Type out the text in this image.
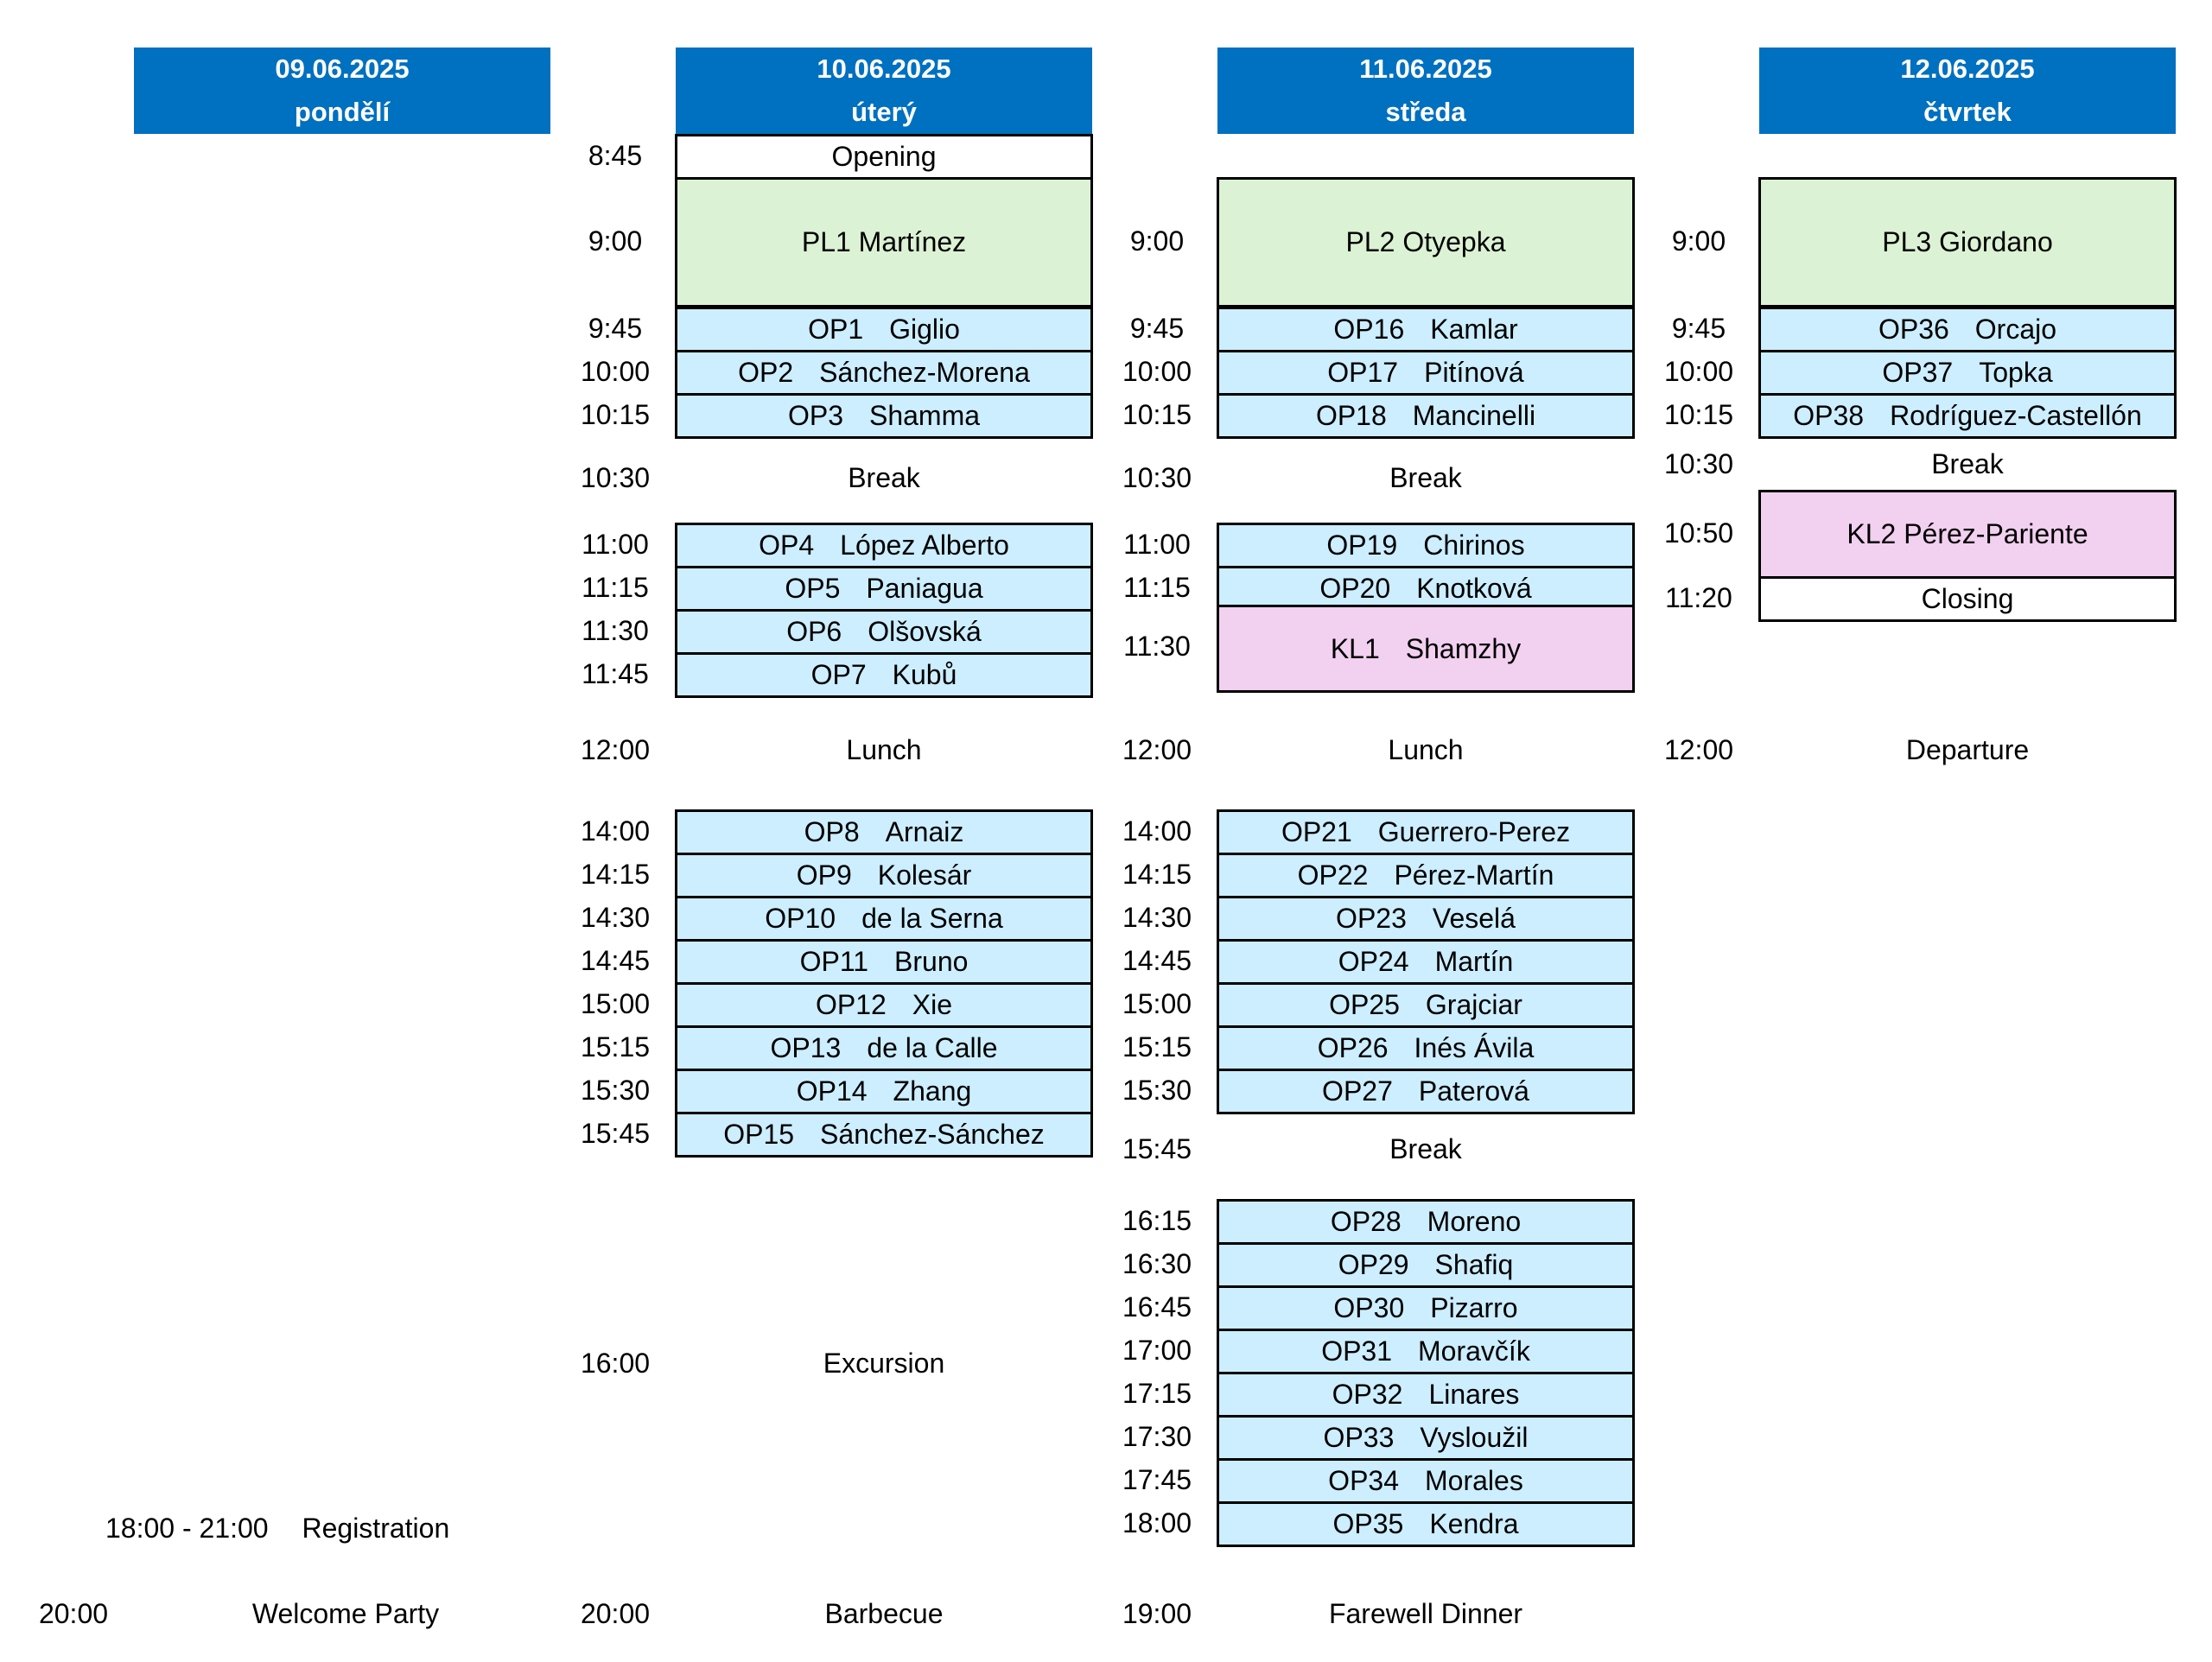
09.06.2025
pondělí
10.06.2025
úterý
11.06.2025
středa
12.06.2025
čtvrtek
18:00 - 21:00 Registration
20:00	Welcome Party
8:45	Opening
9:00	PL1 Martínez
9:45	OP1 Giglio
10:00	OP2 Sánchez-Morena
10:15	OP3 Shamma
10:30	Break
11:00	OP4 López Alberto
11:15	OP5 Paniagua
11:30	OP6 Olšovská
11:45	OP7 Kubů
12:00	Lunch
14:00	OP8 Arnaiz
14:15	OP9 Kolesár
14:30	OP10 de la Serna
14:45	OP11 Bruno
15:00	OP12 Xie
15:15	OP13 de la Calle
15:30	OP14 Zhang
15:45	OP15 Sánchez-Sánchez
16:00	Excursion
20:00	Barbecue
9:00	PL2 Otyepka
9:45	OP16 Kamlar
10:00	OP17 Pitínová
10:15	OP18 Mancinelli
10:30	Break
11:00	OP19 Chirinos
11:15	OP20 Knotková
11:30	KL1 Shamzhy
12:00	Lunch
14:00	OP21 Guerrero-Perez
14:15	OP22 Pérez-Martín
14:30	OP23 Veselá
14:45	OP24 Martín
15:00	OP25 Grajciar
15:15	OP26 Inés Ávila
15:30	OP27 Paterová
15:45	Break
16:15	OP28 Moreno
16:30	OP29 Shafiq
16:45	OP30 Pizarro
17:00	OP31 Moravčík
17:15	OP32 Linares
17:30	OP33 Vysloužil
17:45	OP34 Morales
18:00	OP35 Kendra
19:00	Farewell Dinner
9:00	PL3 Giordano
9:45	OP36 Orcajo
10:00	OP37 Topka
10:15	OP38 Rodríguez-Castellón
10:30	Break
10:50	KL2 Pérez-Pariente
11:20	Closing
12:00	Departure
